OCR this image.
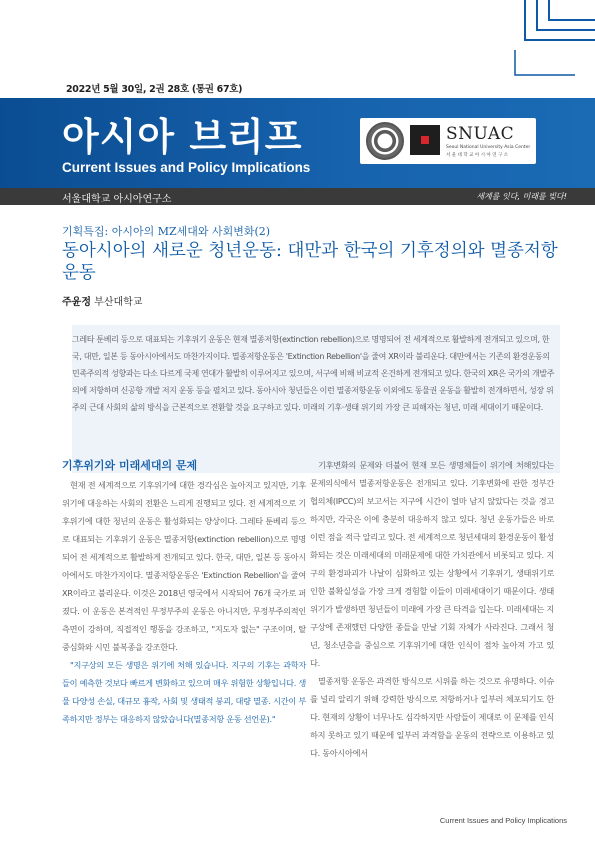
2022년 5월 30일, 2권 28호 (통권 67호)
아시아 브리프
Current Issues and Policy Implications
SNUAC
Seoul National University Asia Center
서 울 대 학 교 아 시 아 연 구 소
서울대학교 아시아연구소	세계를 잇다, 미래를 빚다!
기획특집: 아시아의 MZ세대와 사회변화(2)
동아시아의 새로운 청년운동: 대만과 한국의 기후정의와 멸종저항 운동
주윤정 부산대학교

그레타 툰베리 등으로 대표되는 기후위기 운동은 현재 멸종저항(extinction rebellion)으로 명명되어 전 세계적으로 활발하게 전개되고 있으며, 한국, 대만, 일본 등 동아시아에서도 마찬가지이다. 멸종저항운동은 'Extinction Rebellion'을 줄여 XR이라 불리운다. 대만에서는 기존의 환경운동의 민족주의적 성향과는 다소 다르게 국제 연대가 활발히 이루어지고 있으며, 서구에 비해 비교적 온건하게 전개되고 있다. 한국의 XR은 국가의 개발주의에 저항하며 신공항 개발 저지 운동 등을 펼치고 있다. 동아시아 청년들은 이런 멸종저항운동 이외에도 동물권 운동을 활발히 전개하면서, 성장 위주의 근대 사회의 삶의 방식을 근본적으로 전환할 것을 요구하고 있다. 미래의 기후·생태 위기의 가장 큰 피해자는 청년, 미래 세대이기 때문이다.

기후위기와 미래세대의 문제

현재 전 세계적으로 기후위기에 대한 경각심은 높아지고 있지만, 기후위기에 대응하는 사회의 전환은 느리게 진행되고 있다. 전 세계적으로 기후위기에 대한 청년의 운동은 활성화되는 양상이다. 그레타 툰베리 등으로 대표되는 기후위기 운동은 멸종저항(extinction rebellion)으로 명명되어 전 세계적으로 활발하게 전개되고 있다. 한국, 대만, 일본 등 동아시아에서도 마찬가지이다. 멸종저항운동은 'Extinction Rebellion'을 줄여 XR이라고 불리운다. 이것은 2018년 영국에서 시작되어 76개 국가로 퍼졌다. 이 운동은 본격적인 무정부주의 운동은 아니지만, 무정부주의적인 측면이 강하며, 직접적인 행동을 강조하고, "지도자 없는" 구조이며, 탈중심화와 시민 불복종을 강조한다.

"지구상의 모든 생명은 위기에 처해 있습니다. 지구의 기후는 과학자들이 예측한 것보다 빠르게 변화하고 있으며 매우 위험한 상황입니다. 생물 다양성 손실, 대규모 흉작, 사회 및 생태적 붕괴, 대량 멸종. 시간이 부족하지만 정부는 대응하지 않았습니다(멸종저항 운동 선언문)."

기후변화의 문제와 더불어 현재 모든 생명체들이 위기에 처해있다는 문제의식에서 멸종저항운동은 전개되고 있다. 기후변화에 관한 정부간 협의체(IPCC)의 보고서는 지구에 시간이 얼마 남지 않았다는 것을 경고하지만, 각국은 이에 충분히 대응하지 않고 있다. 청년 운동가들은 바로 이런 점을 적극 알리고 있다. 전 세계적으로 청년세대의 환경운동이 활성화되는 것은 미래세대의 미래문제에 대한 가치관에서 비롯되고 있다. 지구의 환경파괴가 나날이 심화하고 있는 상황에서 기후위기, 생태위기로 인한 불확실성을 가장 크게 경험할 이들이 미래세대이기 때문이다. 생태위기가 발생하면 청년들이 미래에 가장 큰 타격을 입는다. 미래세대는 지구상에 존재했던 다양한 종들을 만날 기회 자체가 사라진다. 그래서 청년, 청소년층을 중심으로 기후위기에 대한 인식이 점차 높아져 가고 있다.

멸종저항 운동은 과격한 방식으로 시위를 하는 것으로 유명하다. 이슈를 널리 알리기 위해 강력한 방식으로 저항하거나 일부러 체포되기도 한다. 현재의 상황이 너무나도 심각하지만 사람들이 제대로 이 문제를 인식하지 못하고 있기 때문에 일부러 과격함을 운동의 전략으로 이용하고 있다. 동아시아에서

Current Issues and Policy Implications
